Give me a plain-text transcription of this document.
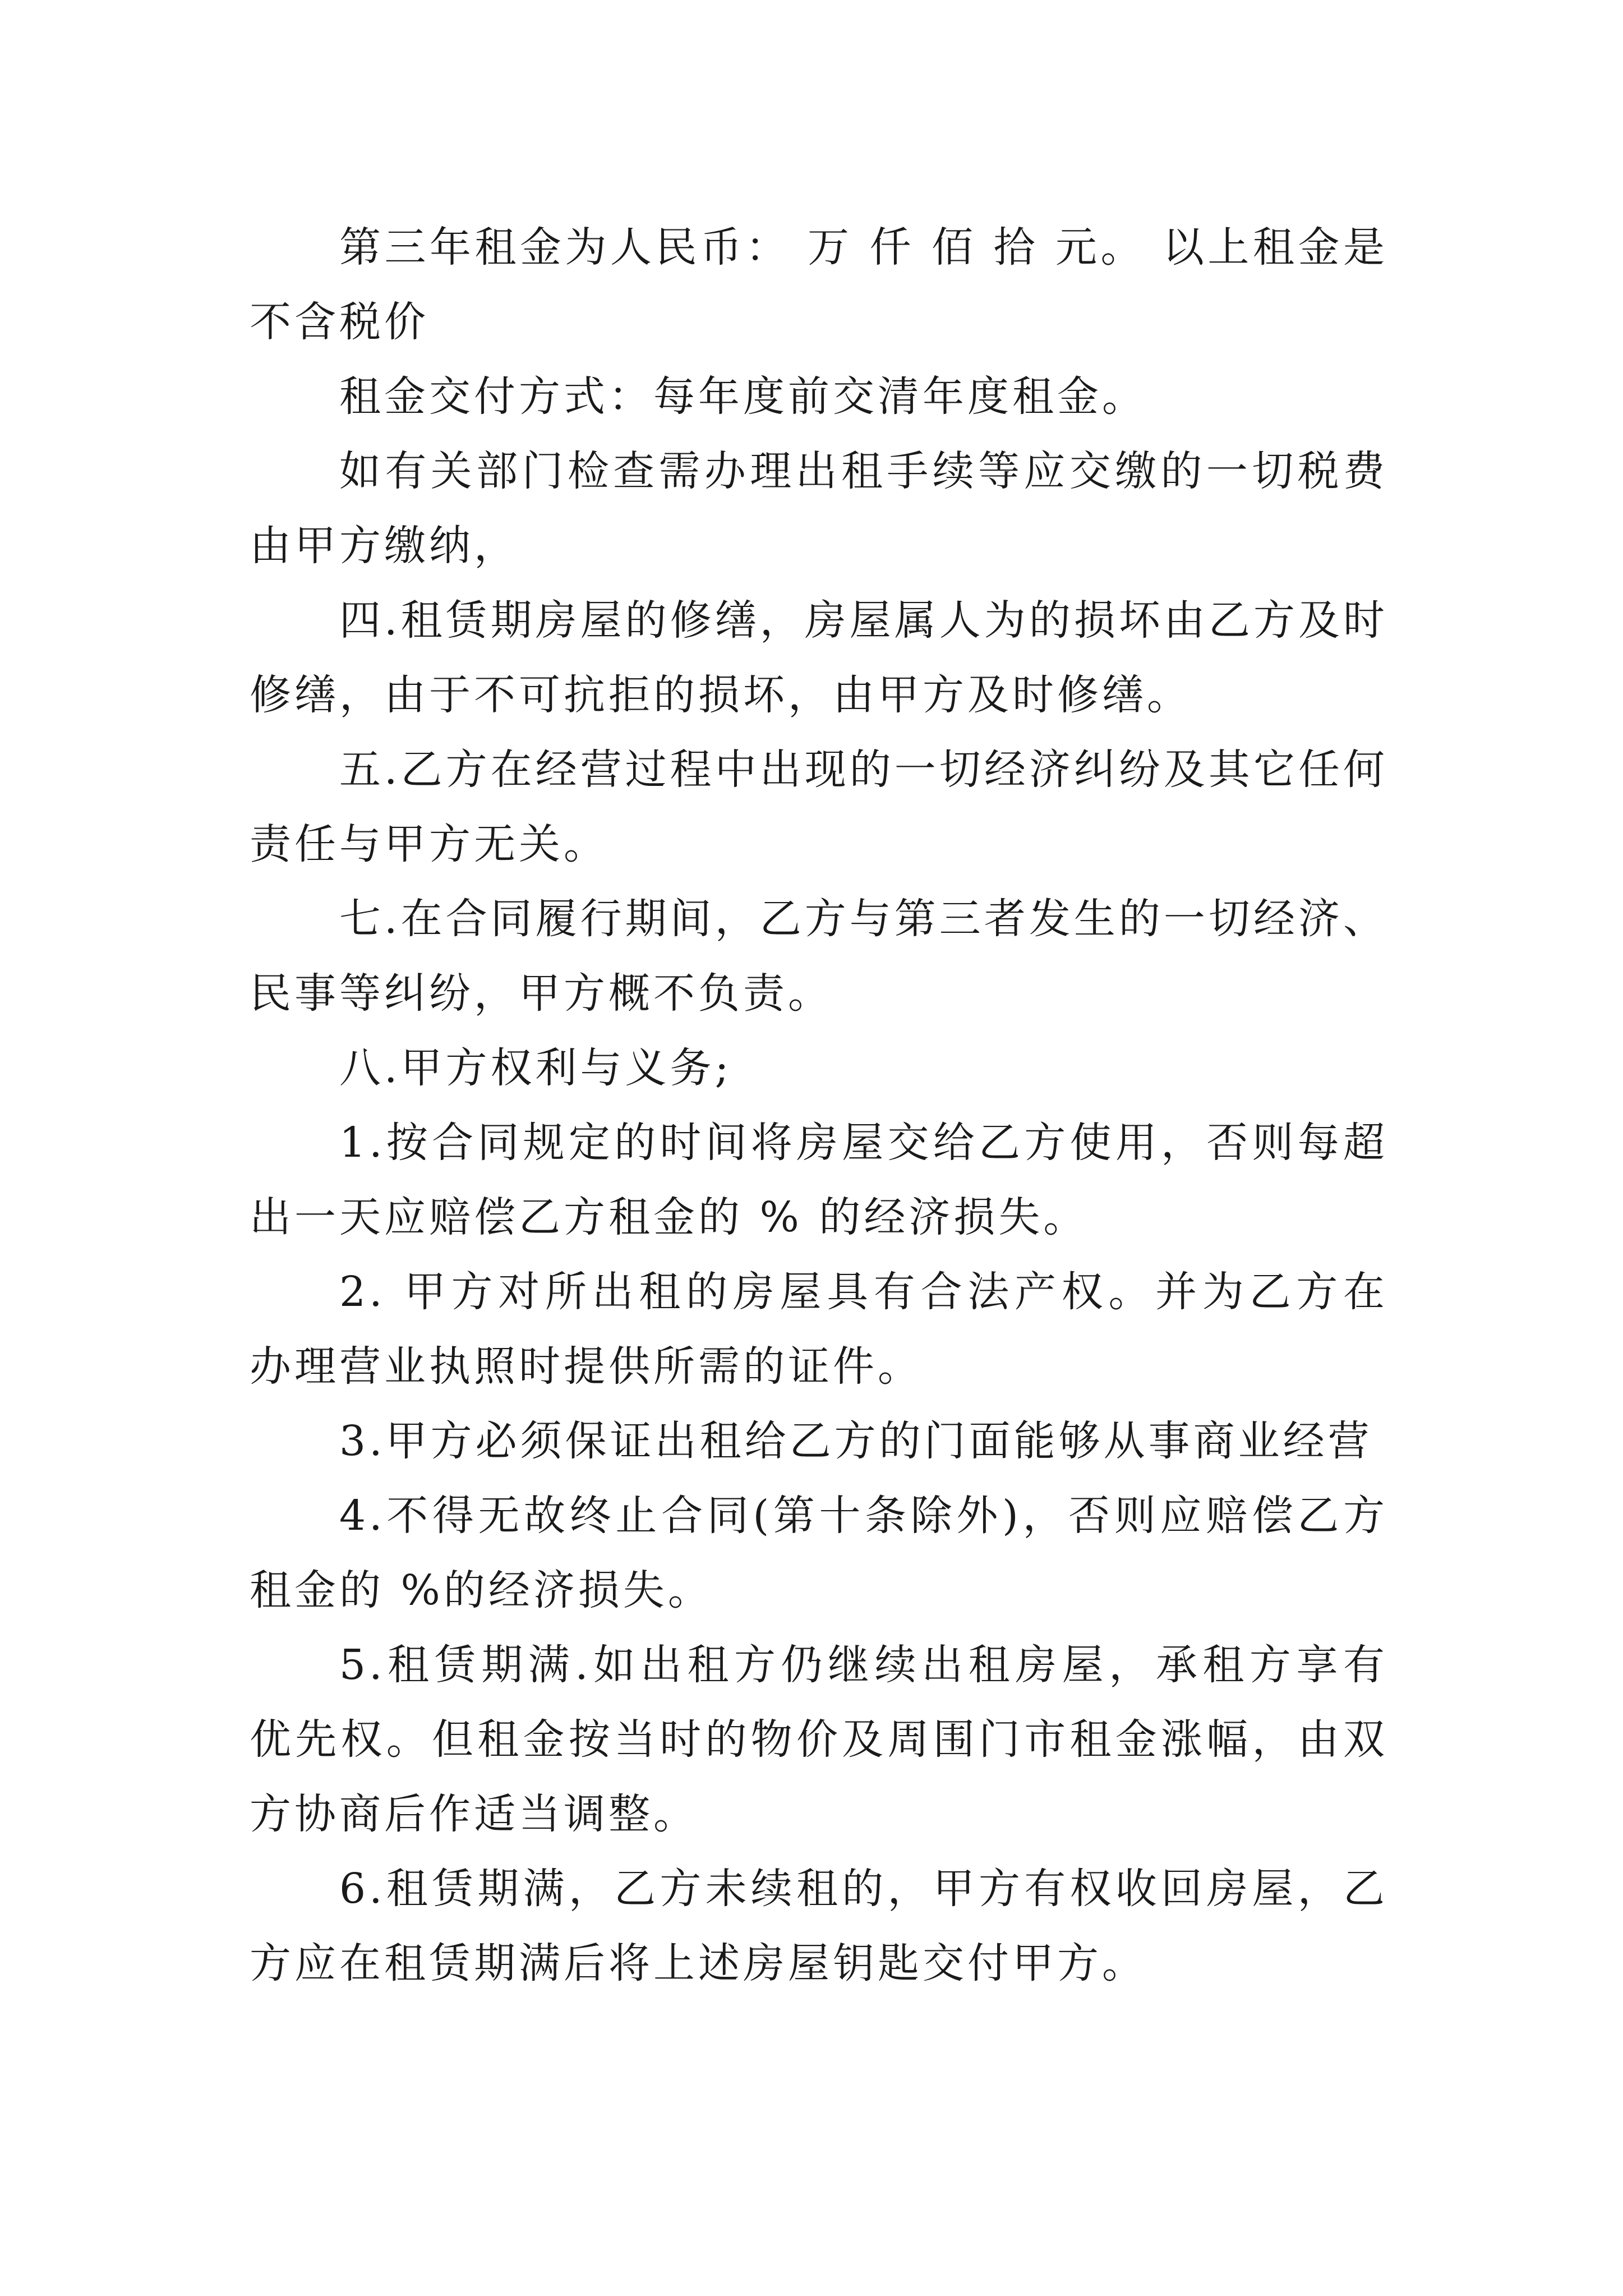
第三年租金为人民币： 万 仟 佰 拾 元。 以上租金是不含税价

租金交付方式：每年度前交清年度租金。

如有关部门检查需办理出租手续等应交缴的一切税费由甲方缴纳，

四.租赁期房屋的修缮，房屋属人为的损坏由乙方及时修缮，由于不可抗拒的损坏，由甲方及时修缮。

五.乙方在经营过程中出现的一切经济纠纷及其它任何责任与甲方无关。

七.在合同履行期间，乙方与第三者发生的一切经济、民事等纠纷，甲方概不负责。

八.甲方权利与义务;

1.按合同规定的时间将房屋交给乙方使用，否则每超出一天应赔偿乙方租金的 % 的经济损失。

2. 甲方对所出租的房屋具有合法产权。并为乙方在办理营业执照时提供所需的证件。

3.甲方必须保证出租给乙方的门面能够从事商业经营

4.不得无故终止合同(第十条除外)，否则应赔偿乙方租金的 %的经济损失。

5.租赁期满.如出租方仍继续出租房屋，承租方享有优先权。但租金按当时的物价及周围门市租金涨幅，由双方协商后作适当调整。

6.租赁期满，乙方未续租的，甲方有权收回房屋，乙方应在租赁期满后将上述房屋钥匙交付甲方。
